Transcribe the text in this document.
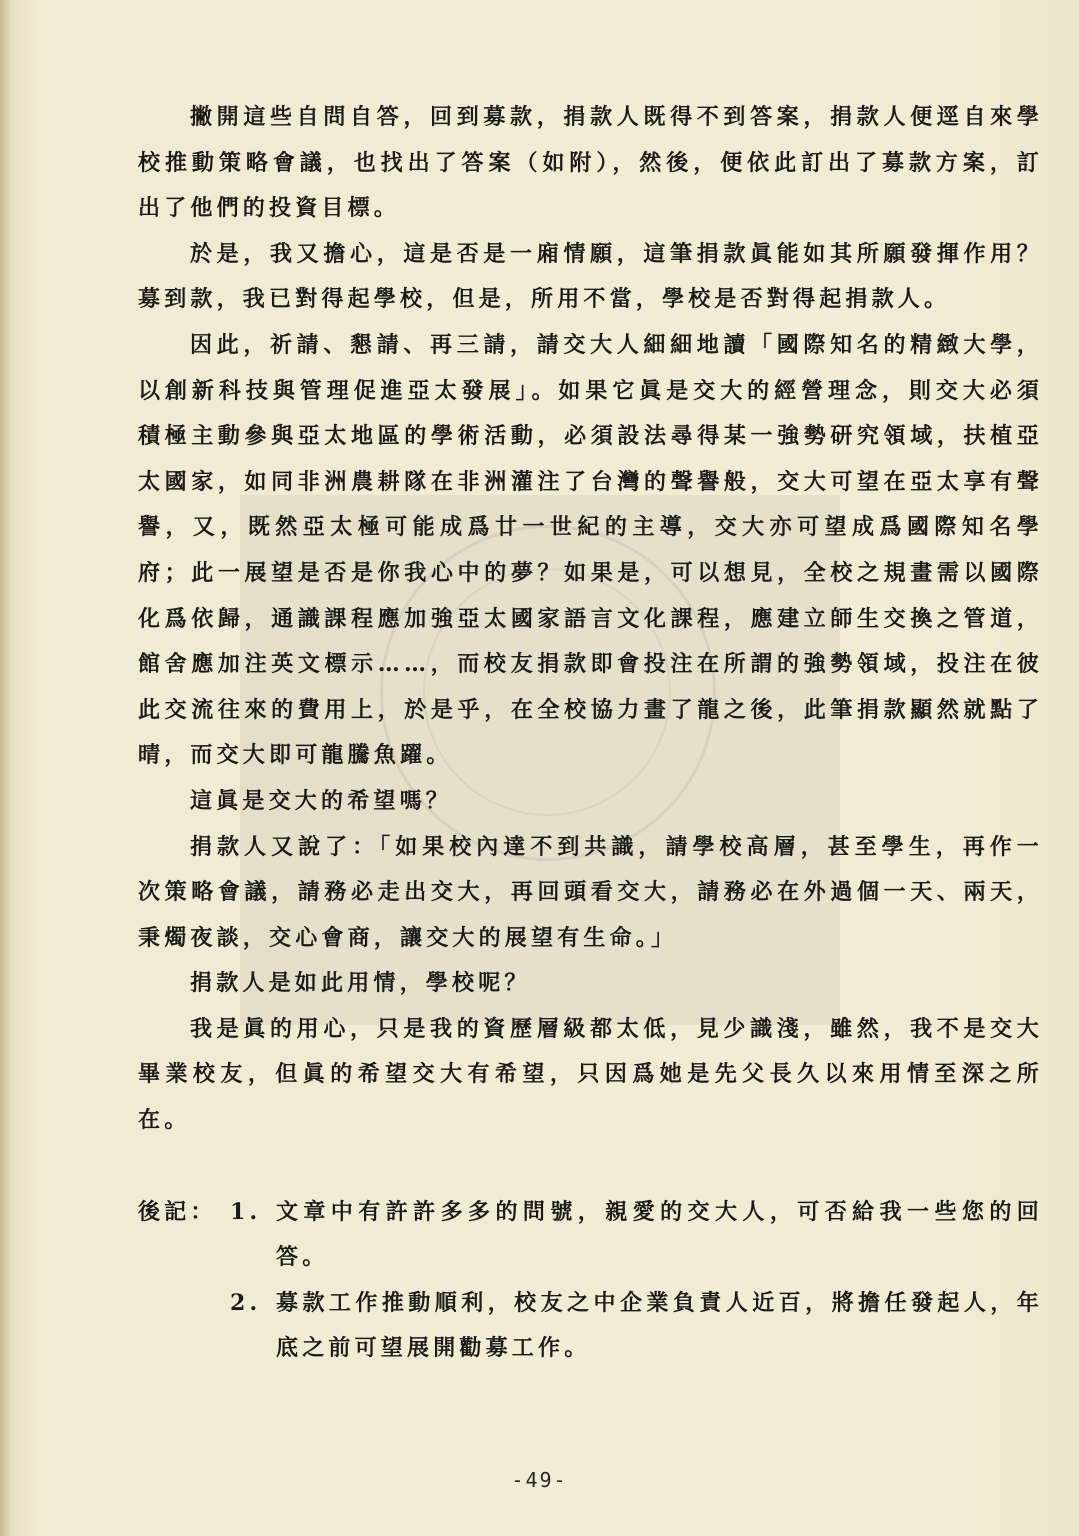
撇開這些自問自答，回到募款，捐款人既得不到答案，捐款人便逕自來學校推動策略會議，也找出了答案（如附），然後，便依此訂出了募款方案，訂出了他們的投資目標。

於是，我又擔心，這是否是一廂情願，這筆捐款眞能如其所願發揮作用？募到款，我已對得起學校，但是，所用不當，學校是否對得起捐款人。

因此，祈請、懇請、再三請，請交大人細細地讀「國際知名的精緻大學，以創新科技與管理促進亞太發展」。如果它眞是交大的經營理念，則交大必須積極主動參與亞太地區的學術活動，必須設法尋得某一強勢研究領域，扶植亞太國家，如同非洲農耕隊在非洲灌注了台灣的聲譽般，交大可望在亞太享有聲譽，又，既然亞太極可能成爲廿一世紀的主導，交大亦可望成爲國際知名學府；此一展望是否是你我心中的夢？如果是，可以想見，全校之規畫需以國際化爲依歸，通識課程應加強亞太國家語言文化課程，應建立師生交換之管道，館舍應加注英文標示……，而校友捐款即會投注在所謂的強勢領域，投注在彼此交流往來的費用上，於是乎，在全校協力畫了龍之後，此筆捐款顯然就點了晴，而交大即可龍騰魚躍。

這眞是交大的希望嗎？

捐款人又說了：「如果校內達不到共識，請學校高層，甚至學生，再作一次策略會議，請務必走出交大，再回頭看交大，請務必在外過個一天、兩天，秉燭夜談，交心會商，讓交大的展望有生命。」

捐款人是如此用情，學校呢？

我是眞的用心，只是我的資歷層級都太低，見少識淺，雖然，我不是交大畢業校友，但眞的希望交大有希望，只因爲她是先父長久以來用情至深之所在。

後記： 1. 文章中有許許多多的問號，親愛的交大人，可否給我一些您的回答。
2. 募款工作推動順利，校友之中企業負責人近百，將擔任發起人，年底之前可望展開勸募工作。
-49-
